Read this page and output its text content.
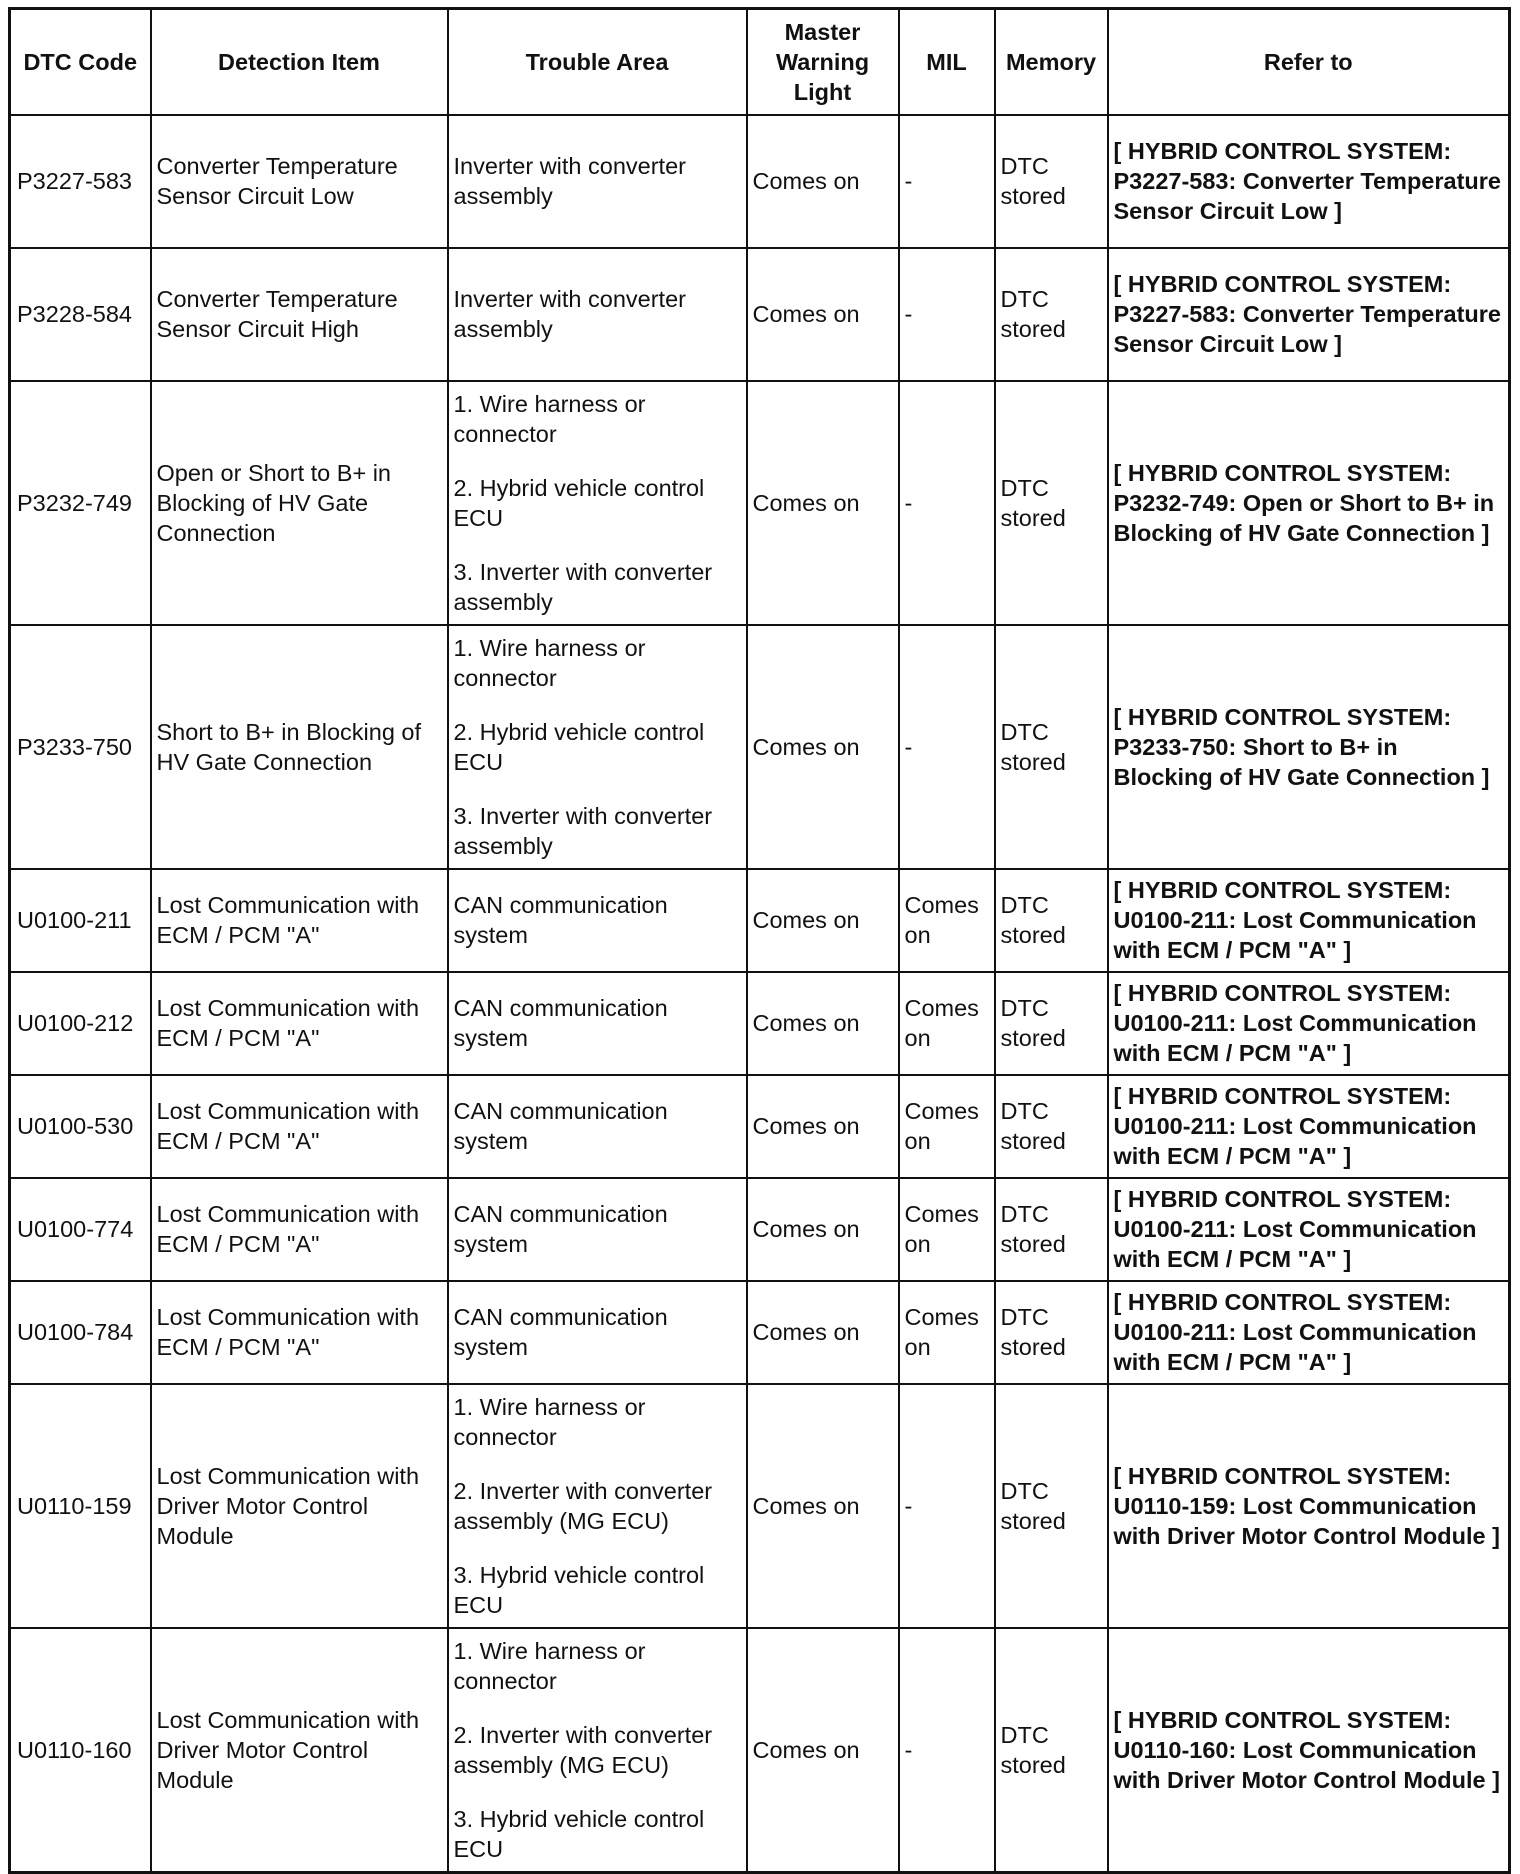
DTC Code	Detection Item	Trouble Area	Master Warning Light	MIL	Memory	Refer to
P3227-583	Converter Temperature Sensor Circuit Low	Inverter with converter assembly	Comes on	-	DTC stored	[ HYBRID CONTROL SYSTEM: P3227-583: Converter Temperature Sensor Circuit Low ]
P3228-584	Converter Temperature Sensor Circuit High	Inverter with converter assembly	Comes on	-	DTC stored	[ HYBRID CONTROL SYSTEM: P3227-583: Converter Temperature Sensor Circuit Low ]
P3232-749	Open or Short to B+ in Blocking of HV Gate Connection	1. Wire harness or connector

2. Hybrid vehicle control ECU

3. Inverter with converter assembly	Comes on	-	DTC stored	[ HYBRID CONTROL SYSTEM: P3232-749: Open or Short to B+ in Blocking of HV Gate Connection ]
P3233-750	Short to B+ in Blocking of HV Gate Connection	1. Wire harness or connector

2. Hybrid vehicle control ECU

3. Inverter with converter assembly	Comes on	-	DTC stored	[ HYBRID CONTROL SYSTEM: P3233-750: Short to B+ in Blocking of HV Gate Connection ]
U0100-211	Lost Communication with ECM / PCM "A"	CAN communication system	Comes on	Comes on	DTC stored	[ HYBRID CONTROL SYSTEM: U0100-211: Lost Communication with ECM / PCM "A" ]
U0100-212	Lost Communication with ECM / PCM "A"	CAN communication system	Comes on	Comes on	DTC stored	[ HYBRID CONTROL SYSTEM: U0100-211: Lost Communication with ECM / PCM "A" ]
U0100-530	Lost Communication with ECM / PCM "A"	CAN communication system	Comes on	Comes on	DTC stored	[ HYBRID CONTROL SYSTEM: U0100-211: Lost Communication with ECM / PCM "A" ]
U0100-774	Lost Communication with ECM / PCM "A"	CAN communication system	Comes on	Comes on	DTC stored	[ HYBRID CONTROL SYSTEM: U0100-211: Lost Communication with ECM / PCM "A" ]
U0100-784	Lost Communication with ECM / PCM "A"	CAN communication system	Comes on	Comes on	DTC stored	[ HYBRID CONTROL SYSTEM: U0100-211: Lost Communication with ECM / PCM "A" ]
U0110-159	Lost Communication with Driver Motor Control Module	1. Wire harness or connector

2. Inverter with converter assembly (MG ECU)

3. Hybrid vehicle control ECU	Comes on	-	DTC stored	[ HYBRID CONTROL SYSTEM: U0110-159: Lost Communication with Driver Motor Control Module ]
U0110-160	Lost Communication with Driver Motor Control Module	1. Wire harness or connector

2. Inverter with converter assembly (MG ECU)

3. Hybrid vehicle control ECU	Comes on	-	DTC stored	[ HYBRID CONTROL SYSTEM: U0110-160: Lost Communication with Driver Motor Control Module ]
